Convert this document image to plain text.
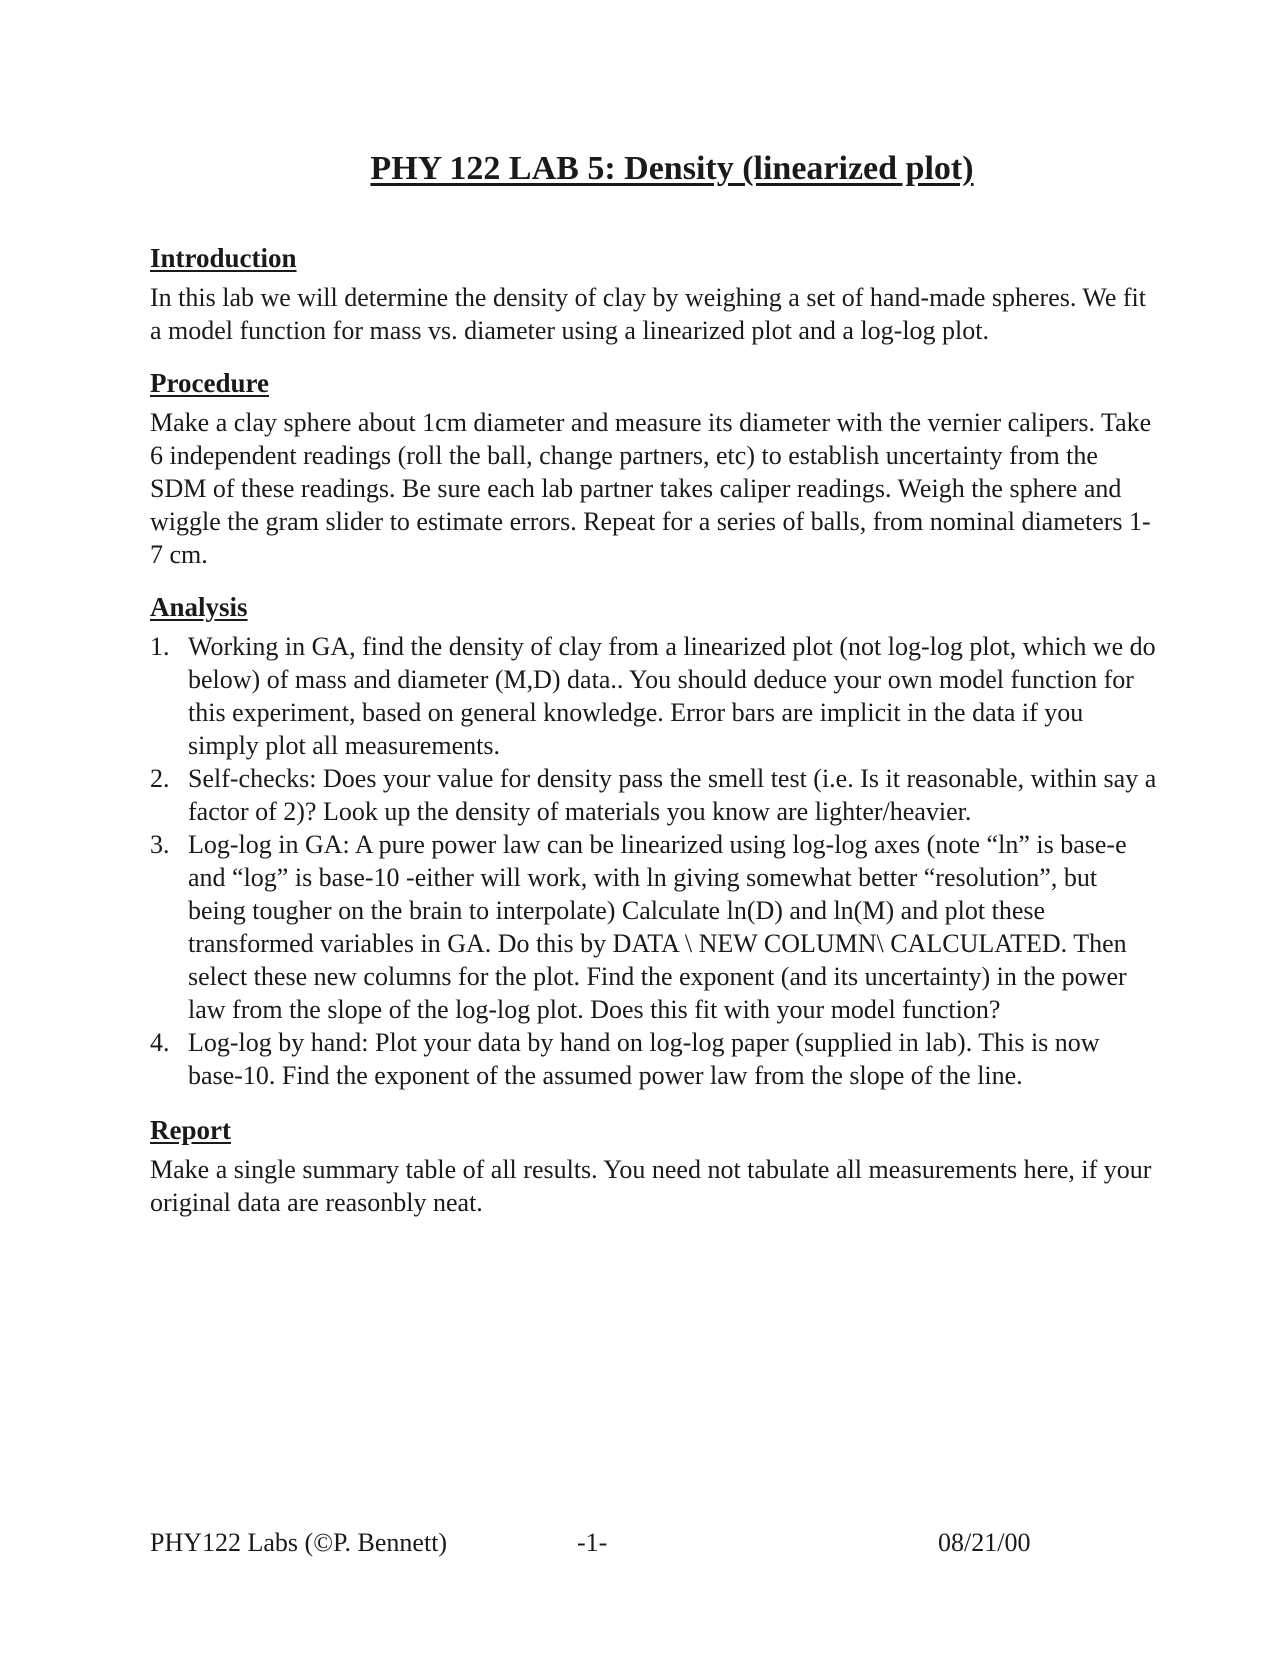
PHY 122 LAB 5: Density (linearized plot)
Introduction
In this lab we will determine the density of clay by weighing a set of hand-made spheres. We fit a model function for mass vs. diameter using a linearized plot and a log-log plot.
Procedure
Make a clay sphere about 1cm diameter and measure its diameter with the vernier calipers. Take 6 independent readings (roll the ball, change partners, etc) to establish uncertainty from the SDM of these readings. Be sure each lab partner takes caliper readings. Weigh the sphere and wiggle the gram slider to estimate errors. Repeat for a series of balls, from nominal diameters 1-7 cm.
Analysis
1. Working in GA, find the density of clay from a linearized plot (not log-log plot, which we do below) of mass and diameter (M,D) data.. You should deduce your own model function for this experiment, based on general knowledge. Error bars are implicit in the data if you simply plot all measurements.
2. Self-checks: Does your value for density pass the smell test (i.e. Is it reasonable, within say a factor of 2)? Look up the density of materials you know are lighter/heavier.
3. Log-log in GA: A pure power law can be linearized using log-log axes (note “ln” is base-e and “log” is base-10 -either will work, with ln giving somewhat better “resolution”, but being tougher on the brain to interpolate) Calculate ln(D) and ln(M) and plot these transformed variables in GA. Do this by DATA \ NEW COLUMN\ CALCULATED. Then select these new columns for the plot. Find the exponent (and its uncertainty) in the power law from the slope of the log-log plot. Does this fit with your model function?
4. Log-log by hand: Plot your data by hand on log-log paper (supplied in lab). This is now base-10. Find the exponent of the assumed power law from the slope of the line.
Report
Make a single summary table of all results. You need not tabulate all measurements here, if your original data are reasonbly neat.
PHY122 Labs (©P. Bennett)	-1-	08/21/00
